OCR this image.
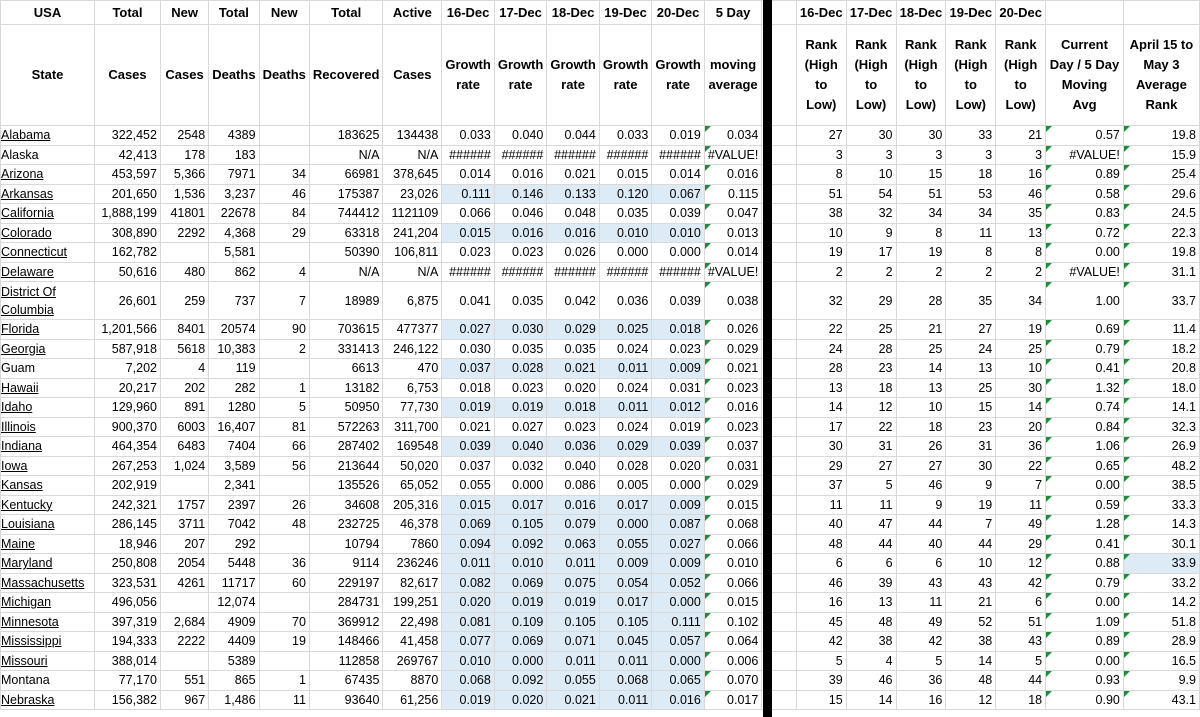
USA	Total	New	Total	New	Total	Active	16-Dec	17-Dec	18-Dec	19-Dec	20-Dec	5 Day		16-Dec	17-Dec	18-Dec	19-Dec	20-Dec		
State	Cases	Cases	Deaths	Deaths	Recovered	Cases	Growth rate	Growth rate	Growth rate	Growth rate	Growth rate	moving average		Rank (High to Low)	Rank (High to Low)	Rank (High to Low)	Rank (High to Low)	Rank (High to Low)	Current Day / 5 Day Moving Avg	April 15 to May 3 Average Rank
Alabama	322,452	2548	4389		183625	134438	0.033	0.040	0.044	0.033	0.019	0.034		27	30	30	33	21	0.57	19.8
Alaska	42,413	178	183		N/A	N/A	######	######	######	######	######	#VALUE!		3	3	3	3	3	#VALUE!	15.9
Arizona	453,597	5,366	7971	34	66981	378,645	0.014	0.016	0.021	0.015	0.014	0.016		8	10	15	18	16	0.89	25.4
Arkansas	201,650	1,536	3,237	46	175387	23,026	0.111	0.146	0.133	0.120	0.067	0.115		51	54	51	53	46	0.58	29.6
California	1,888,199	41801	22678	84	744412	1121109	0.066	0.046	0.048	0.035	0.039	0.047		38	32	34	34	35	0.83	24.5
Colorado	308,890	2292	4,368	29	63318	241,204	0.015	0.016	0.016	0.010	0.010	0.013		10	9	8	11	13	0.72	22.3
Connecticut	162,782		5,581		50390	106,811	0.023	0.023	0.026	0.000	0.000	0.014		19	17	19	8	8	0.00	19.8
Delaware	50,616	480	862	4	N/A	N/A	######	######	######	######	######	#VALUE!		2	2	2	2	2	#VALUE!	31.1
District Of Columbia	26,601	259	737	7	18989	6,875	0.041	0.035	0.042	0.036	0.039	0.038		32	29	28	35	34	1.00	33.7
Florida	1,201,566	8401	20574	90	703615	477377	0.027	0.030	0.029	0.025	0.018	0.026		22	25	21	27	19	0.69	11.4
Georgia	587,918	5618	10,383	2	331413	246,122	0.030	0.035	0.035	0.024	0.023	0.029		24	28	25	24	25	0.79	18.2
Guam	7,202	4	119		6613	470	0.037	0.028	0.021	0.011	0.009	0.021		28	23	14	13	10	0.41	20.8
Hawaii	20,217	202	282	1	13182	6,753	0.018	0.023	0.020	0.024	0.031	0.023		13	18	13	25	30	1.32	18.0
Idaho	129,960	891	1280	5	50950	77,730	0.019	0.019	0.018	0.011	0.012	0.016		14	12	10	15	14	0.74	14.1
Illinois	900,370	6003	16,407	81	572263	311,700	0.021	0.027	0.023	0.024	0.019	0.023		17	22	18	23	20	0.84	32.3
Indiana	464,354	6483	7404	66	287402	169548	0.039	0.040	0.036	0.029	0.039	0.037		30	31	26	31	36	1.06	26.9
Iowa	267,253	1,024	3,589	56	213644	50,020	0.037	0.032	0.040	0.028	0.020	0.031		29	27	27	30	22	0.65	48.2
Kansas	202,919		2,341		135526	65,052	0.055	0.000	0.086	0.005	0.000	0.029		37	5	46	9	7	0.00	38.5
Kentucky	242,321	1757	2397	26	34608	205,316	0.015	0.017	0.016	0.017	0.009	0.015		11	11	9	19	11	0.59	33.3
Louisiana	286,145	3711	7042	48	232725	46,378	0.069	0.105	0.079	0.000	0.087	0.068		40	47	44	7	49	1.28	14.3
Maine	18,946	207	292		10794	7860	0.094	0.092	0.063	0.055	0.027	0.066		48	44	40	44	29	0.41	30.1
Maryland	250,808	2054	5448	36	9114	236246	0.011	0.010	0.011	0.009	0.009	0.010		6	6	6	10	12	0.88	33.9
Massachusetts	323,531	4261	11717	60	229197	82,617	0.082	0.069	0.075	0.054	0.052	0.066		46	39	43	43	42	0.79	33.2
Michigan	496,056		12,074		284731	199,251	0.020	0.019	0.019	0.017	0.000	0.015		16	13	11	21	6	0.00	14.2
Minnesota	397,319	2,684	4909	70	369912	22,498	0.081	0.109	0.105	0.105	0.111	0.102		45	48	49	52	51	1.09	51.8
Mississippi	194,333	2222	4409	19	148466	41,458	0.077	0.069	0.071	0.045	0.057	0.064		42	38	42	38	43	0.89	28.9
Missouri	388,014		5389		112858	269767	0.010	0.000	0.011	0.011	0.000	0.006		5	4	5	14	5	0.00	16.5
Montana	77,170	551	865	1	67435	8870	0.068	0.092	0.055	0.068	0.065	0.070		39	46	36	48	44	0.93	9.9
Nebraska	156,382	967	1,486	11	93640	61,256	0.019	0.020	0.021	0.011	0.016	0.017		15	14	16	12	18	0.90	43.1
